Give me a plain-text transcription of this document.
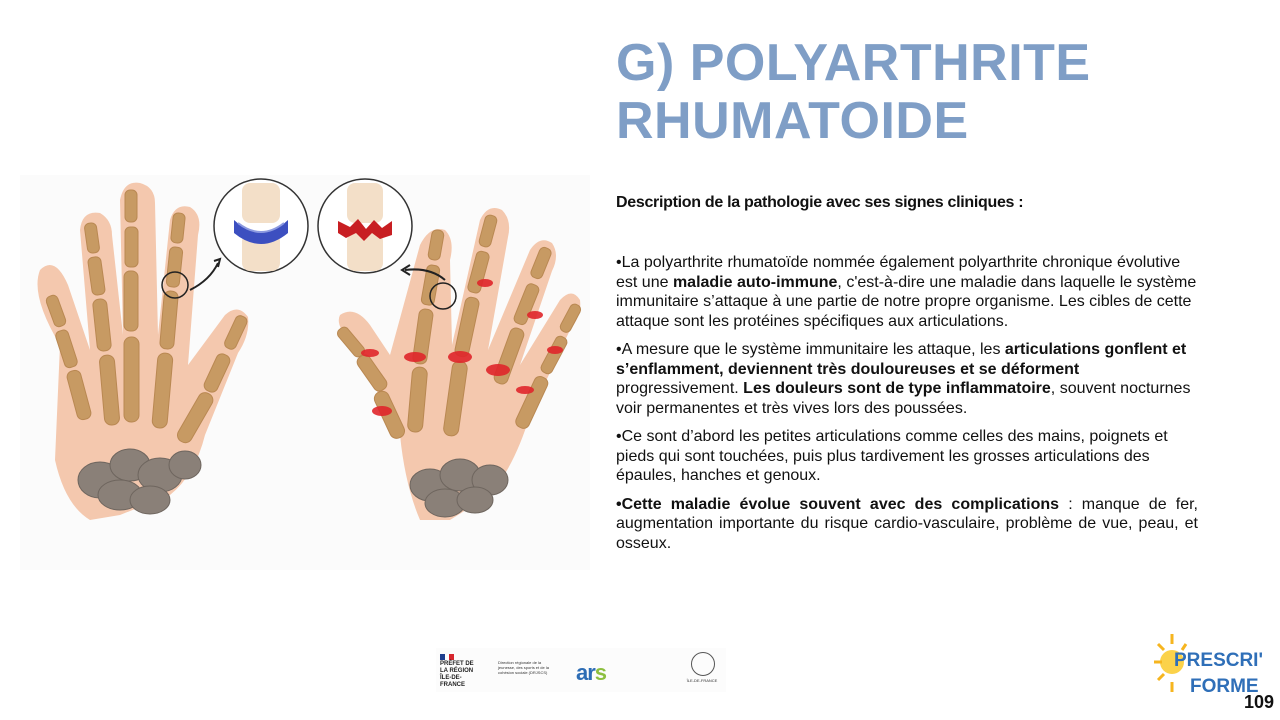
G) POLYARTHRITE
RHUMATOIDE
Description de la pathologie avec ses signes cliniques :

•La polyarthrite rhumatoïde nommée également polyarthrite chronique évolutive est une maladie auto-immune, c'est-à-dire une maladie dans laquelle le système immunitaire s’attaque à une partie de notre propre organisme. Les cibles de cette attaque sont les protéines spécifiques aux articulations.

•A mesure que le système immunitaire les attaque, les articulations gonflent et s’enflamment, deviennent très douloureuses et se déforment progressivement. Les douleurs sont de type inflammatoire, souvent nocturnes voir permanentes et très vives lors des poussées.

•Ce sont d’abord les petites articulations comme celles des mains, poignets et pieds qui sont touchées, puis plus tardivement les grosses articulations des épaules, hanches et genoux.

•Cette maladie évolue souvent avec des complications : manque de fer, augmentation importante du risque cardio-vasculaire, problème de vue, peau, et osseux.

PRÉFET DE LA RÉGION ÎLE-DE-FRANCE
Direction régionale de la jeunesse, des sports et de la cohésion sociale (DRJSCS)	ars	ÎLE-DE-FRANCE
PRESCRI'
FORME
109
